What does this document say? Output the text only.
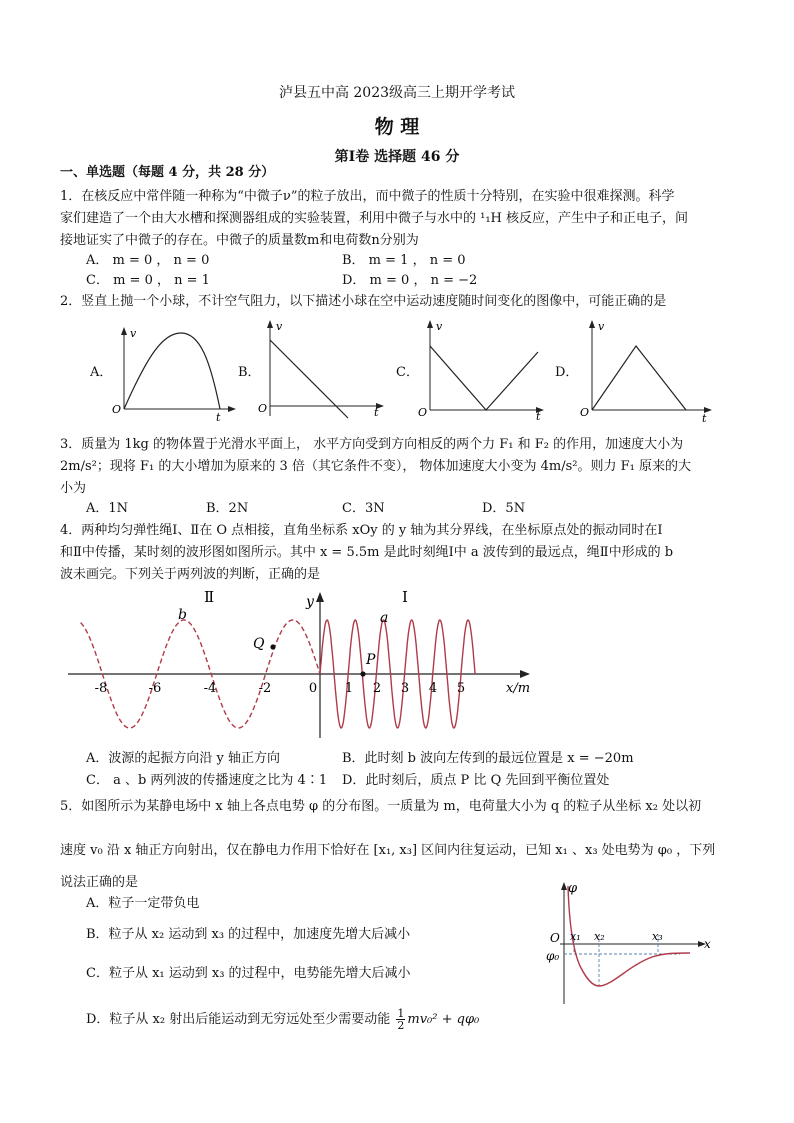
泸县五中高 2023级高三上期开学考试
物 理
第Ⅰ卷 选择题 46 分
一、单选题（每题 4 分，共 28 分）
1．在核反应中常伴随一种称为“中微子ν”的粒子放出，而中微子的性质十分特别，在实验中很难探测。科学
家们建造了一个由大水槽和探测器组成的实验装置，利用中微子与水中的 ¹₁H 核反应，产生中子和正电子，间
接地证实了中微子的存在。中微子的质量数m和电荷数n分别为
A． m = 0 ， n = 0	B． m = 1 ， n = 0
C． m = 0 ， n = 1	D． m = 0 ， n = −2
2．竖直上抛一个小球，不计空气阻力，以下描述小球在空中运动速度随时间变化的图像中，可能正确的是
A．
v
t
O
B．
v
t
O
C．
v
t
O
D．
v
t
O
3．质量为 1kg 的物体置于光滑水平面上， 水平方向受到方向相反的两个力 F₁ 和 F₂ 的作用，加速度大小为
2m/s²；现将 F₁ 的大小增加为原来的 3 倍（其它条件不变）， 物体加速度大小变为 4m/s²。则力 F₁ 原来的大
小为
A．1N	B．2N	C．3N	D．5N
4．两种均匀弹性绳Ⅰ、Ⅱ在 O 点相接，直角坐标系 xOy 的 y 轴为其分界线，在坐标原点处的振动同时在Ⅰ
和Ⅱ中传播，某时刻的波形图如图所示。其中 x = 5.5m 是此时刻绳Ⅰ中 a 波传到的最远点，绳Ⅱ中形成的 b
波未画完。下列关于两列波的判断，正确的是
Ⅱ	Ⅰ
b	a
Q
P
y
x/m
-8	-6	-4	-2	0 1 2 3 4 5
A．波源的起振方向沿 y 轴正方向	B．此时刻 b 波向左传到的最远位置是 x = −20m
C． a 、b 两列波的传播速度之比为 4∶1 D．此时刻后，质点 P 比 Q 先回到平衡位置处
5．如图所示为某静电场中 x 轴上各点电势 φ 的分布图。一质量为 m，电荷量大小为 q 的粒子从坐标 x₂ 处以初
速度 v₀ 沿 x 轴正方向射出，仅在静电力作用下恰好在 [x₁, x₃] 区间内往复运动，已知 x₁ 、x₃ 处电势为 φ₀ ，下列
说法正确的是
A．粒子一定带负电
B．粒子从 x₂ 运动到 x₃ 的过程中，加速度先增大后减小
C．粒子从 x₁ 运动到 x₃ 的过程中，电势能先增大后减小
D．粒子从 x₂ 射出后能运动到无穷远处至少需要动能 $\frac{1}{2} mv_0^2 + q\varphi_0$
φ
O
φ₀
x₁ x₂	x₃
x
